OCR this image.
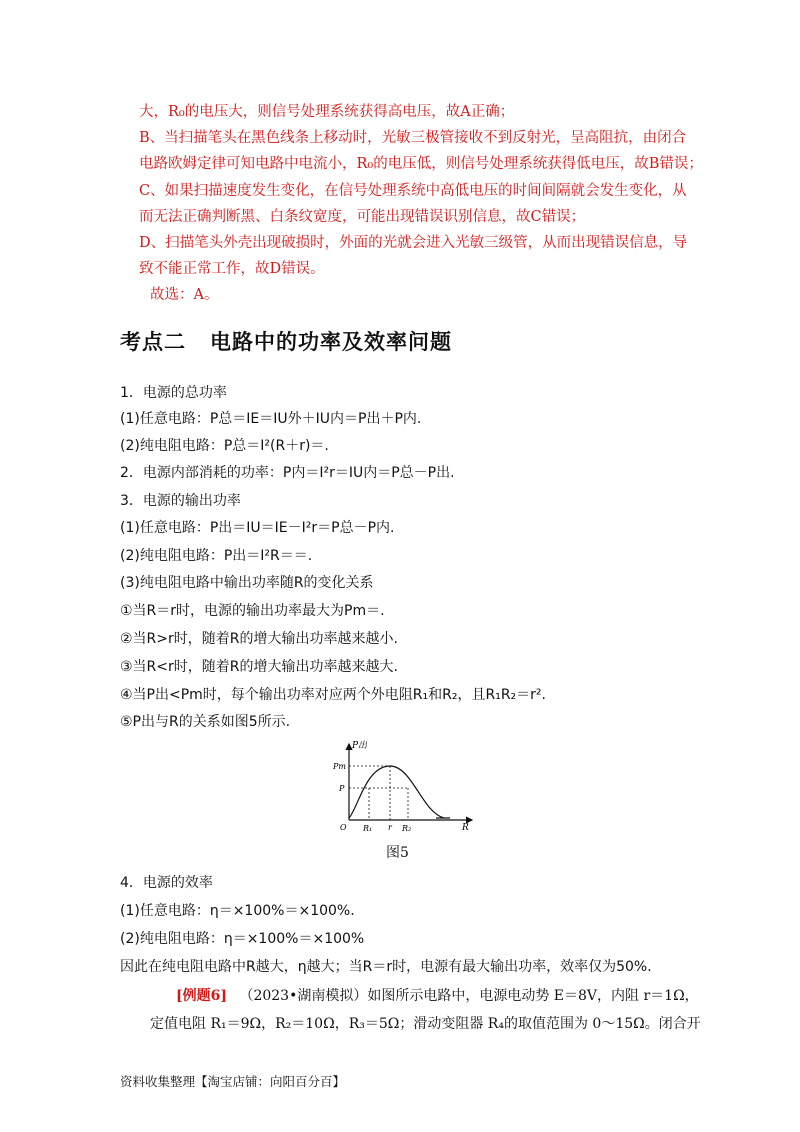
大，R₀的电压大，则信号处理系统获得高电压，故A正确；
B、当扫描笔头在黑色线条上移动时，光敏三极管接收不到反射光，呈高阻抗，由闭合
电路欧姆定律可知电路中电流小，R₀的电压低，则信号处理系统获得低电压，故B错误；
C、如果扫描速度发生变化，在信号处理系统中高低电压的时间间隔就会发生变化，从
而无法正确判断黑、白条纹宽度，可能出现错误识别信息，故C错误；
D、扫描笔头外壳出现破损时，外面的光就会进入光敏三级管，从而出现错误信息，导
致不能正常工作，故D错误。
故选：A。
考点二 电路中的功率及效率问题
1．电源的总功率
(1)任意电路：P总＝IE＝IU外＋IU内＝P出＋P内.
(2)纯电阻电路：P总＝I²(R＋r)＝.
2．电源内部消耗的功率：P内＝I²r＝IU内＝P总－P出.
3．电源的输出功率
(1)任意电路：P出＝IU＝IE－I²r＝P总－P内.
(2)纯电阻电路：P出＝I²R＝＝.
(3)纯电阻电路中输出功率随R的变化关系
①当R＝r时，电源的输出功率最大为Pm＝.
②当R>r时，随着R的增大输出功率越来越小.
③当R<r时，随着R的增大输出功率越来越大.
④当P出<Pm时，每个输出功率对应两个外电阻R₁和R₂，且R₁R₂＝r².
⑤P出与R的关系如图5所示.
P出
Pm
P
O R₁ r R₂	R
图5
4．电源的效率
(1)任意电路：η＝×100%＝×100%.
(2)纯电阻电路：η＝×100%＝×100%
因此在纯电阻电路中R越大，η越大；当R＝r时，电源有最大输出功率，效率仅为50%.
[例题6] （2023•湖南模拟）如图所示电路中，电源电动势 E＝8V，内阻 r＝1Ω，
定值电阻 R₁＝9Ω，R₂＝10Ω，R₃＝5Ω；滑动变阻器 R₄的取值范围为 0～15Ω。闭合开
资料收集整理【淘宝店铺：向阳百分百】
